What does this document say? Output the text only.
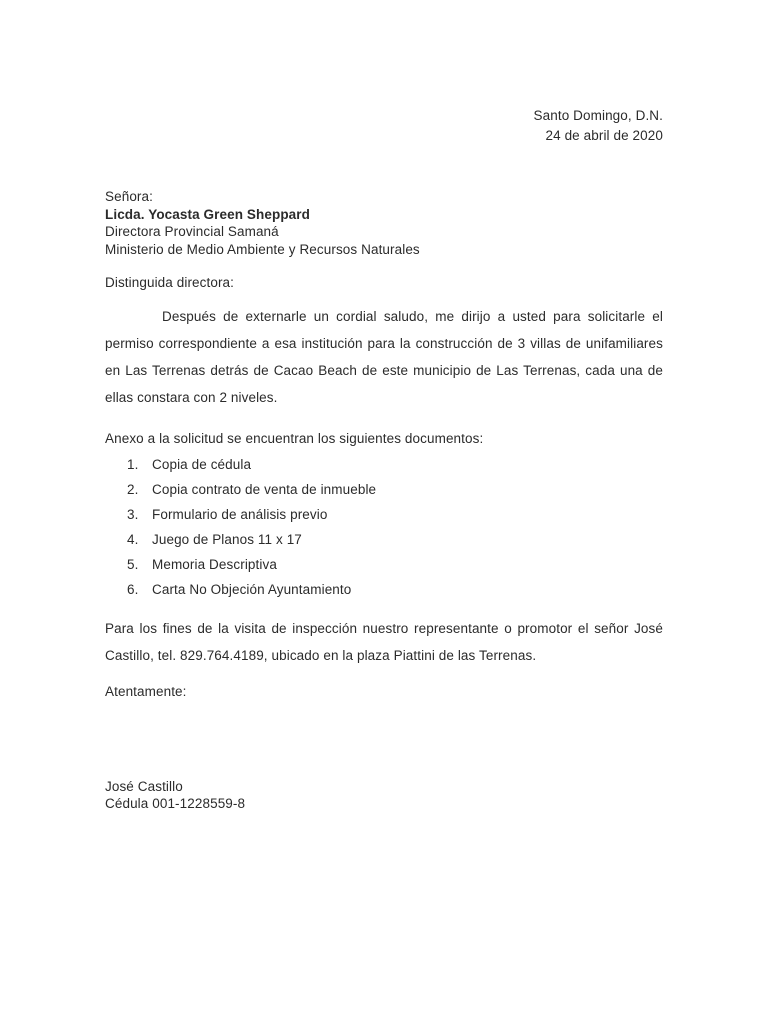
Santo Domingo, D.N.
24 de abril de 2020
Señora:
Licda. Yocasta Green Sheppard
Directora Provincial Samaná
Ministerio de Medio Ambiente y Recursos Naturales
Distinguida directora:
Después de externarle un cordial saludo, me dirijo a usted para solicitarle el permiso correspondiente a esa institución para la construcción de 3 villas de unifamiliares en Las Terrenas detrás de Cacao Beach de este municipio de Las Terrenas, cada una de ellas constara con 2 niveles.
Anexo a la solicitud se encuentran los siguientes documentos:
1.	Copia de cédula
2.	Copia contrato de venta de inmueble
3.	Formulario de análisis previo
4.	Juego de Planos 11 x 17
5.	Memoria Descriptiva
6.	Carta No Objeción Ayuntamiento
Para los fines de la visita de inspección nuestro representante o promotor el señor José Castillo, tel. 829.764.4189, ubicado en la plaza Piattini de las Terrenas.
Atentamente:
José Castillo
Cédula 001-1228559-8
